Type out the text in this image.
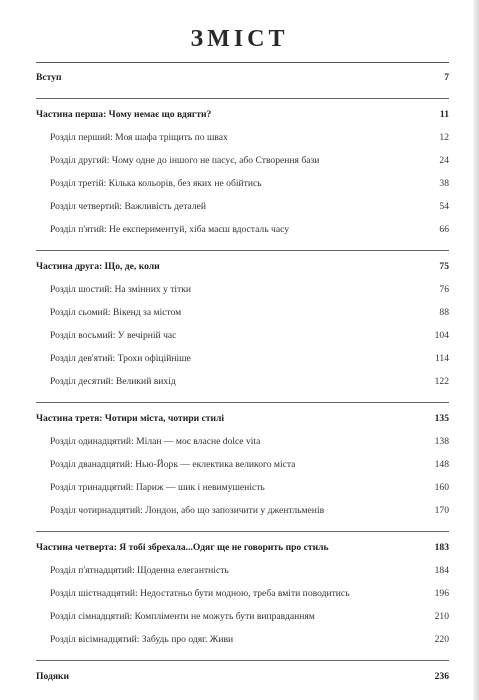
ЗМІСТ
Вступ	7
Частина перша: Чому немає що вдягти?	11
Розділ перший: Моя шафа тріщить по швах	12
Розділ другий: Чому одне до іншого не пасує, або Створення бази	24
Розділ третій: Кілька кольорів, без яких не обійтись	38
Розділ четвертий: Важливість деталей	54
Розділ п'ятий: Не експериментуй, хіба маєш вдосталь часу	66
Частина друга: Що, де, коли	75
Розділ шостий: На змінних у тітки	76
Розділ сьомий: Вікенд за містом	88
Розділ восьмий: У вечірній час	104
Розділ дев'ятий: Трохи офіційніше	114
Розділ десятий: Великий вихід	122
Частина третя: Чотири міста, чотири стилі	135
Розділ одинадцятий: Мілан — моє власне dolce vita	138
Розділ дванадцятий: Нью-Йорк — еклектика великого міста	148
Розділ тринадцятий: Париж — шик і невимушеність	160
Розділ чотирнадцятий: Лондон, або що запозичити у джентльменів	170
Частина четверта: Я тобі збрехала...Одяг ще не говорить про стиль	183
Розділ п'ятнадцятий: Щоденна елегантність	184
Розділ шістнадцятий: Недостатньо бути модною, треба вміти поводитись	196
Розділ сімнадцятий: Компліменти не можуть бути виправданням	210
Розділ вісімнадцятий: Забудь про одяг. Живи	220
Подяки	236
